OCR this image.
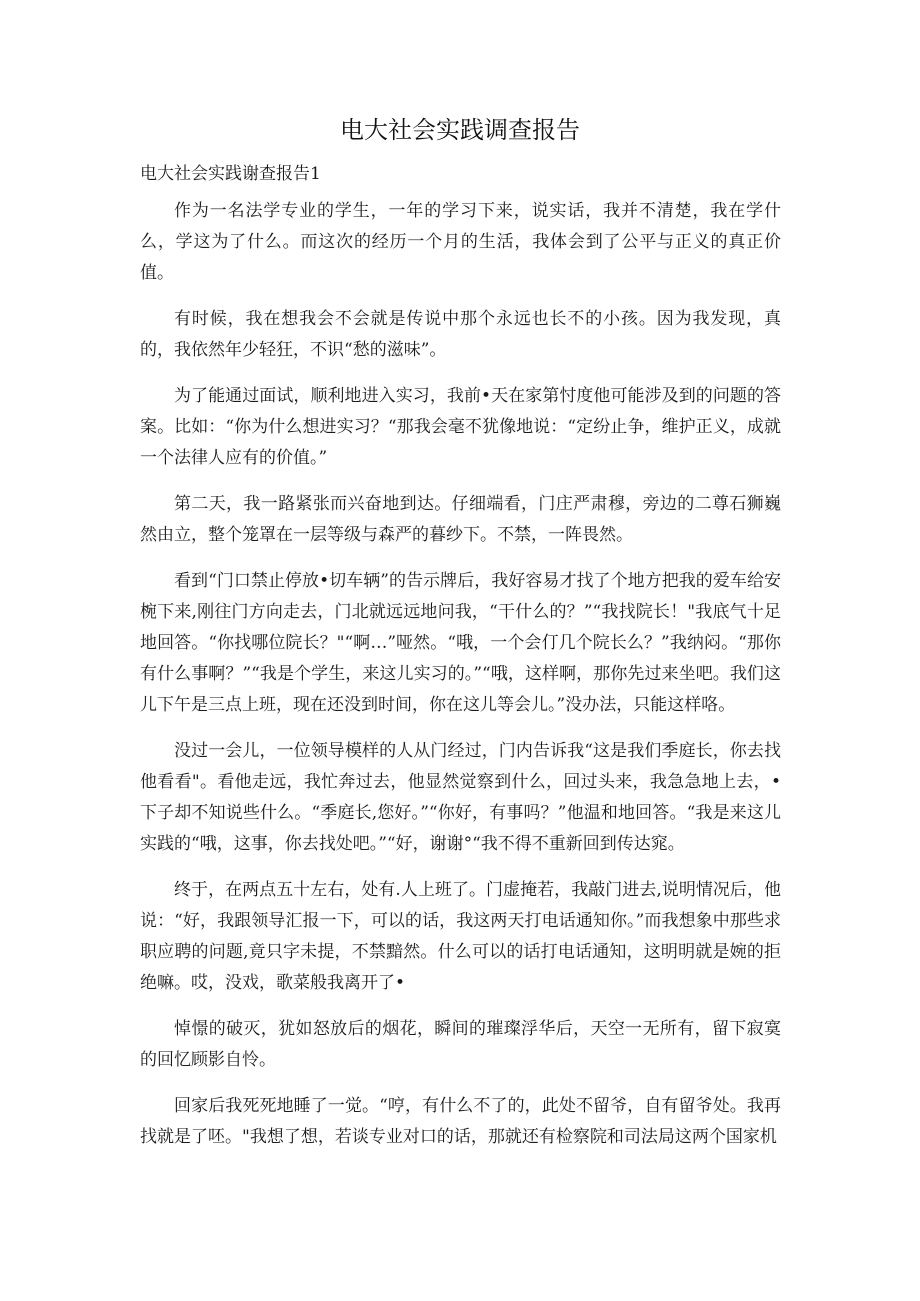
电大社会实践调查报告
电大社会实践谢查报告1

作为一名法学专业的学生，一年的学习下来，说实话，我并不清楚，我在学什么，学这为了什么。而这次的经历一个月的生活，我体会到了公平与正义的真正价值。

有时候，我在想我会不会就是传说中那个永远也长不的小孩。因为我发现，真的，我依然年少轻狂，不识“愁的滋味”。

为了能通过面试，顺利地进入实习，我前•天在家第忖度他可能涉及到的问题的答案。比如：“你为什么想进实习？“那我会毫不犹像地说：“定纷止争，维护正义，成就一个法律人应有的价值。”

第二天，我一路紧张而兴奋地到达。仔细端看，门庄严肃穆，旁边的二尊石狮巍然由立，整个笼罩在一层等级与森严的暮纱下。不禁，一阵畏然。

看到“门口禁止停放•切车辆”的告示牌后，我好容易才找了个地方把我的爱车给安椀下来,刚往门方向走去，门北就远远地问我，“干什么的？”“我找院长！"我底气十足地回答。“你找哪位院长？"“啊…”哑然。“哦，一个会仃几个院长么？”我纳闷。“那你有什么事啊？”“我是个学生，来这儿实习的。”“哦，这样啊，那你先过来坐吧。我们这儿下午是三点上班，现在还没到时间，你在这儿等会儿。”没办法，只能这样咯。

没过一会儿，一位领导模样的人从门经过，门内告诉我“这是我们季庭长，你去找他看看"。看他走远，我忙奔过去，他显然觉察到什么，回过头来，我急急地上去，•下子却不知说些什么。“季庭长,您好。”“你好，有事吗？”他温和地回答。“我是来这儿实践的“哦，这事，你去找处吧。”“好，谢谢°“我不得不重新回到传达窕。

终于，在两点五十左右，处有.人上班了。门虚掩若，我敲门进去,说明情况后，他说：“好，我跟领导汇报一下，可以的话，我这两天打电话通知你。”而我想象中那些求职应聘的问题,竟只字未提，不禁黯然。什么可以的话打电话通知，这明明就是婉的拒绝嘛。哎，没戏，歌菜般我离开了•

悼憬的破灭，犹如怒放后的烟花，瞬间的璀璨浮华后，天空一无所有，留下寂寞的回忆顾影自怜。

回家后我死死地睡了一觉。“哼，有什么不了的，此处不留爷，自有留爷处。我再找就是了呸。"我想了想，若谈专业对口的话，那就还有检察院和司法局这两个国家机
